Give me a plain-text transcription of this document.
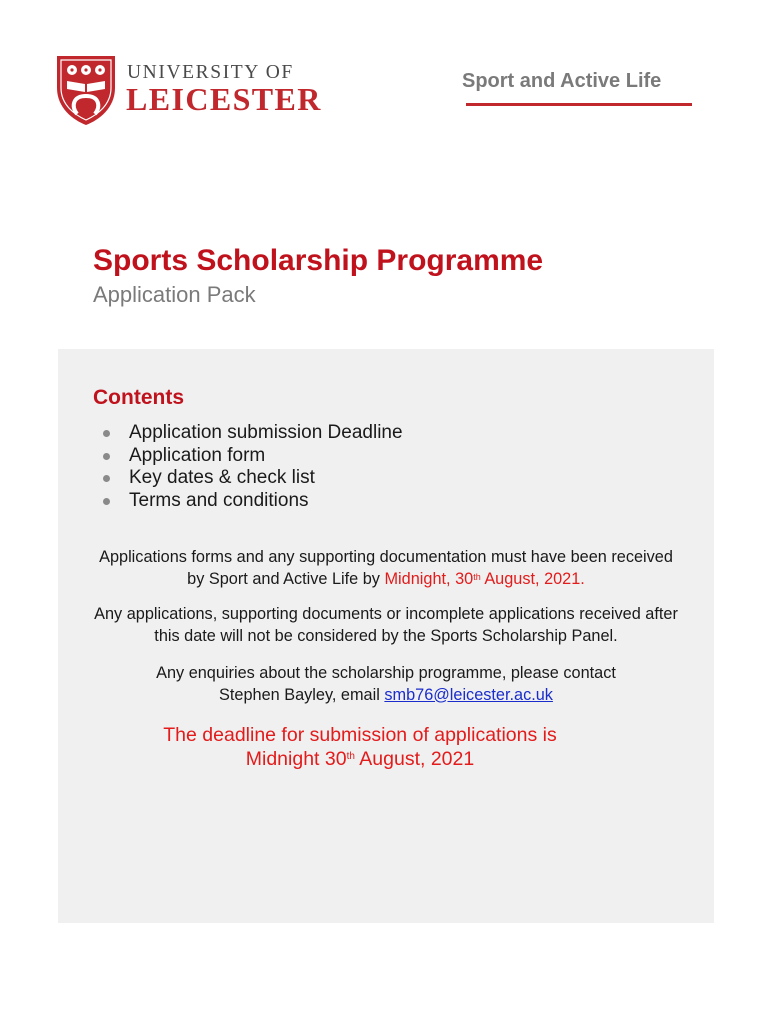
UNIVERSITY OF
LEICESTER	Sport and Active Life
Sports Scholarship Programme
Application Pack
Contents
Application submission Deadline
Application form
Key dates & check list
Terms and conditions
Applications forms and any supporting documentation must have been received
by Sport and Active Life by Midnight, 30th August, 2021.
Any applications, supporting documents or incomplete applications received after
this date will not be considered by the Sports Scholarship Panel.
Any enquiries about the scholarship programme, please contact
Stephen Bayley, email smb76@leicester.ac.uk
The deadline for submission of applications is
Midnight 30th August, 2021
